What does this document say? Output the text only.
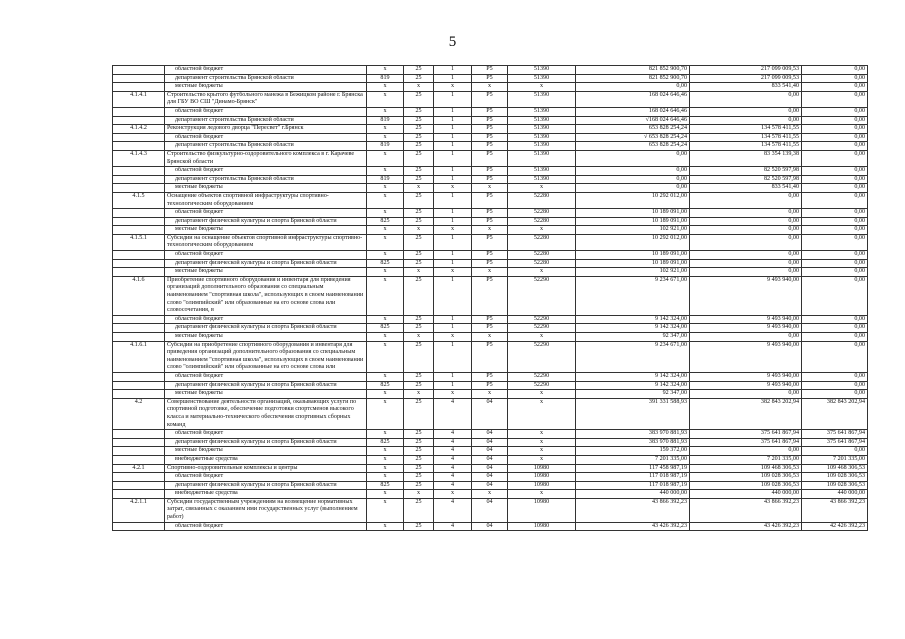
5
	областной бюджет	x	25	1	P5	51390	821 852 900,70	217 099 009,53	0,00
	департамент строительства Брянской области	819	25	1	P5	51390	821 852 900,70	217 099 009,53	0,00
	местные бюджеты	x	x	x	x	x	0,00	833 541,40	0,00
4.1.4.1	Строительство крытого футбольного манежа в Бежицком районе г. Брянска для ГБУ ВО СШ "Динамо-Брянск"	x	25	1	P5	51390	168 024 646,46	0,00	0,00
	областной бюджет	x	25	1	P5	51390	168 024 646,46	0,00	0,00
	департамент строительства Брянской области	819	25	1	P5	51390	√168 024 646,46	0,00	0,00
4.1.4.2	Реконструкция ледового дворца "Пересвет" г.Брянск	x	25	1	P5	51390	653 828 254,24	134 578 411,55	0,00
	областной бюджет	x	25	1	P5	51390	√ 653 828 254,24	134 578 411,55	0,00
	департамент строительства Брянской области	819	25	1	P5	51390	653 828 254,24	134 578 411,55	0,00
4.1.4.3	Строительство физкультурно-оздоровительного комплекса в г. Карачеве Брянской области	x	25	1	P5	51390	0,00	83 354 139,38	0,00
	областной бюджет	x	25	1	P5	51390	0,00	82 520 597,98	0,00
	департамент строительства Брянской области	819	25	1	P5	51390	0,00	82 520 597,98	0,00
	местные бюджеты	x	x	x	x	x	0,00	833 541,40	0,00
4.1.5	Оснащение объектов спортивной инфраструктуры спортивно-технологическим оборудованием	x	25	1	P5	52280	10 292 012,00	0,00	0,00
	областной бюджет	x	25	1	P5	52280	10 189 091,00	0,00	0,00
	департамент физической культуры и спорта Брянской области	825	25	1	P5	52280	10 189 091,00	0,00	0,00
	местные бюджеты	x	x	x	x	x	102 921,00	0,00	0,00
4.1.5.1	Субсидии на оснащение объектов спортивной инфраструктуры спортивно-технологическим оборудованием	x	25	1	P5	52280	10 292 012,00	0,00	0,00
	областной бюджет	x	25	1	P5	52280	10 189 091,00	0,00	0,00
	департамент физической культуры и спорта Брянской области	825	25	1	P5	52280	10 189 091,00	0,00	0,00
	местные бюджеты	x	x	x	x	x	102 921,00	0,00	0,00
4.1.6	Приобретение спортивного оборудования и инвентаря для приведения организаций дополнительного образования со специальным наименованием "спортивная школа", использующих в своем наименовании слово "олимпийский" или образованные на его основе слова или словосочетания, в	x	25	1	P5	52290	9 234 671,00	9 493 940,00	0,00
	областной бюджет	x	25	1	P5	52290	9 142 324,00	9 493 940,00	0,00
	департамент физической культуры и спорта Брянской области	825	25	1	P5	52290	9 142 324,00	9 493 940,00	0,00
	местные бюджеты	x	x	x	x	x	92 347,00	0,00	0,00
4.1.6.1	Субсидии на приобретение спортивного оборудования и инвентаря для приведения организаций дополнительного образования со специальным наименованием "спортивная школа", использующих в своем наименовании слово "олимпийский" или образованные на его основе слова или	x	25	1	P5	52290	9 234 671,00	9 493 940,00	0,00
	областной бюджет	x	25	1	P5	52290	9 142 324,00	9 493 940,00	0,00
	департамент физической культуры и спорта Брянской области	825	25	1	P5	52290	9 142 324,00	9 493 940,00	0,00
	местные бюджеты	x	x	x	x	x	92 347,00	0,00	0,00
4.2	Совершенствование деятельности организаций, оказывающих услуги по спортивной подготовке, обеспечение подготовки спортсменов высокого класса и материально-технического обеспечения спортивных сборных команд	x	25	4	04	x	391 331 588,93	382 843 202,94	382 843 202,94
	областной бюджет	x	25	4	04	x	383 970 881,93	375 641 867,94	375 641 867,94
	департамент физической культуры и спорта Брянской области	825	25	4	04	x	383 970 881,93	375 641 867,94	375 641 867,94
	местные бюджеты	x	25	4	04	x	159 372,00	0,00	0,00
	внебюджетные средства	x	25	4	04	x	7 201 335,00	7 201 335,00	7 201 335,00
4.2.1	Спортивно-оздоровительные комплексы и центры	x	25	4	04	10980	117 458 987,19	109 468 306,53	109 468 306,53
	областной бюджет	x	25	4	04	10980	117 018 987,19	109 028 306,53	109 028 306,53
	департамент физической культуры и спорта Брянской области	825	25	4	04	10980	117 018 987,19	109 028 306,53	109 028 306,53
	внебюджетные средства	x	x	x	x	x	440 000,00	440 000,00	440 000,00
4.2.1.1	Субсидии государственным учреждениям на возмещение нормативных затрат, связанных с оказанием ими государственных услуг (выполнением работ)	x	25	4	04	10980	43 866 392,23	43 866 392,23	43 866 392,23
	областной бюджет	x	25	4	04	10980	43 426 392,23	43 426 392,23	42 426 392,23
